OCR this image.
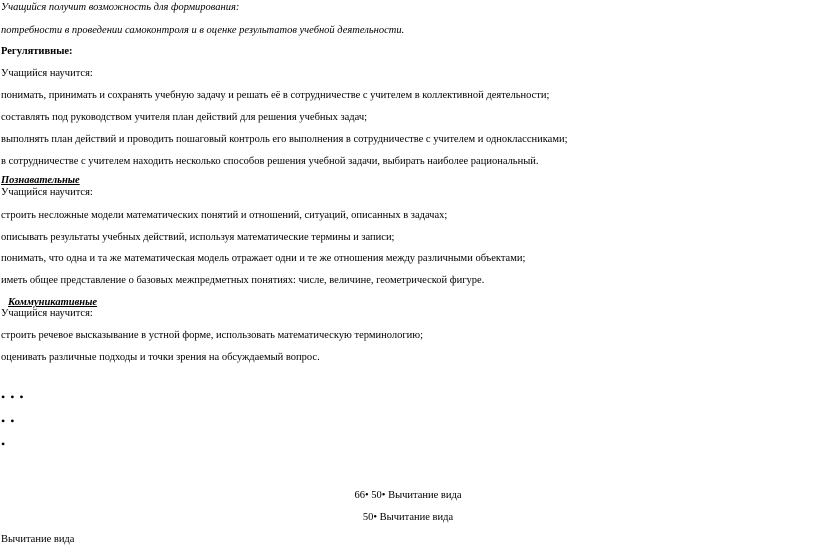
Учащийся получит возможность для формирования:
потребности в проведении самоконтроля и в оценке результатов учебной деятельности.
Регулятивные:
Учащийся научится:
понимать, принимать и сохранять учебную задачу и решать её в сотрудничестве с учителем в коллективной деятельности;
составлять под руководством учителя план действий для решения учебных задач;
выполнять план действий и проводить пошаговый контроль его выполнения в сотрудничестве с учителем и одноклассниками;
в сотрудничестве с учителем находить несколько способов решения учебной задачи, выбирать наиболее рациональный.
Познавательные
Учащийся научится:
строить несложные модели математических понятий и отношений, ситуаций, описанных в задачах;
описывать результаты учебных действий, используя математические термины и записи;
понимать, что одна и та же математическая модель отражает одни и те же отношения между различными объектами;
иметь общее представление о базовых межпредметных понятиях: числе, величине, геометрической фигуре.
Коммуникативные
Учащийся научится:
строить речевое высказывание в устной форме, использовать математическую терминологию;
оценивать различные подходы и точки зрения на обсуждаемый вопрос.
• • •
• •
•
66• 50• Вычитание вида
50• Вычитание вида
Вычитание вида
